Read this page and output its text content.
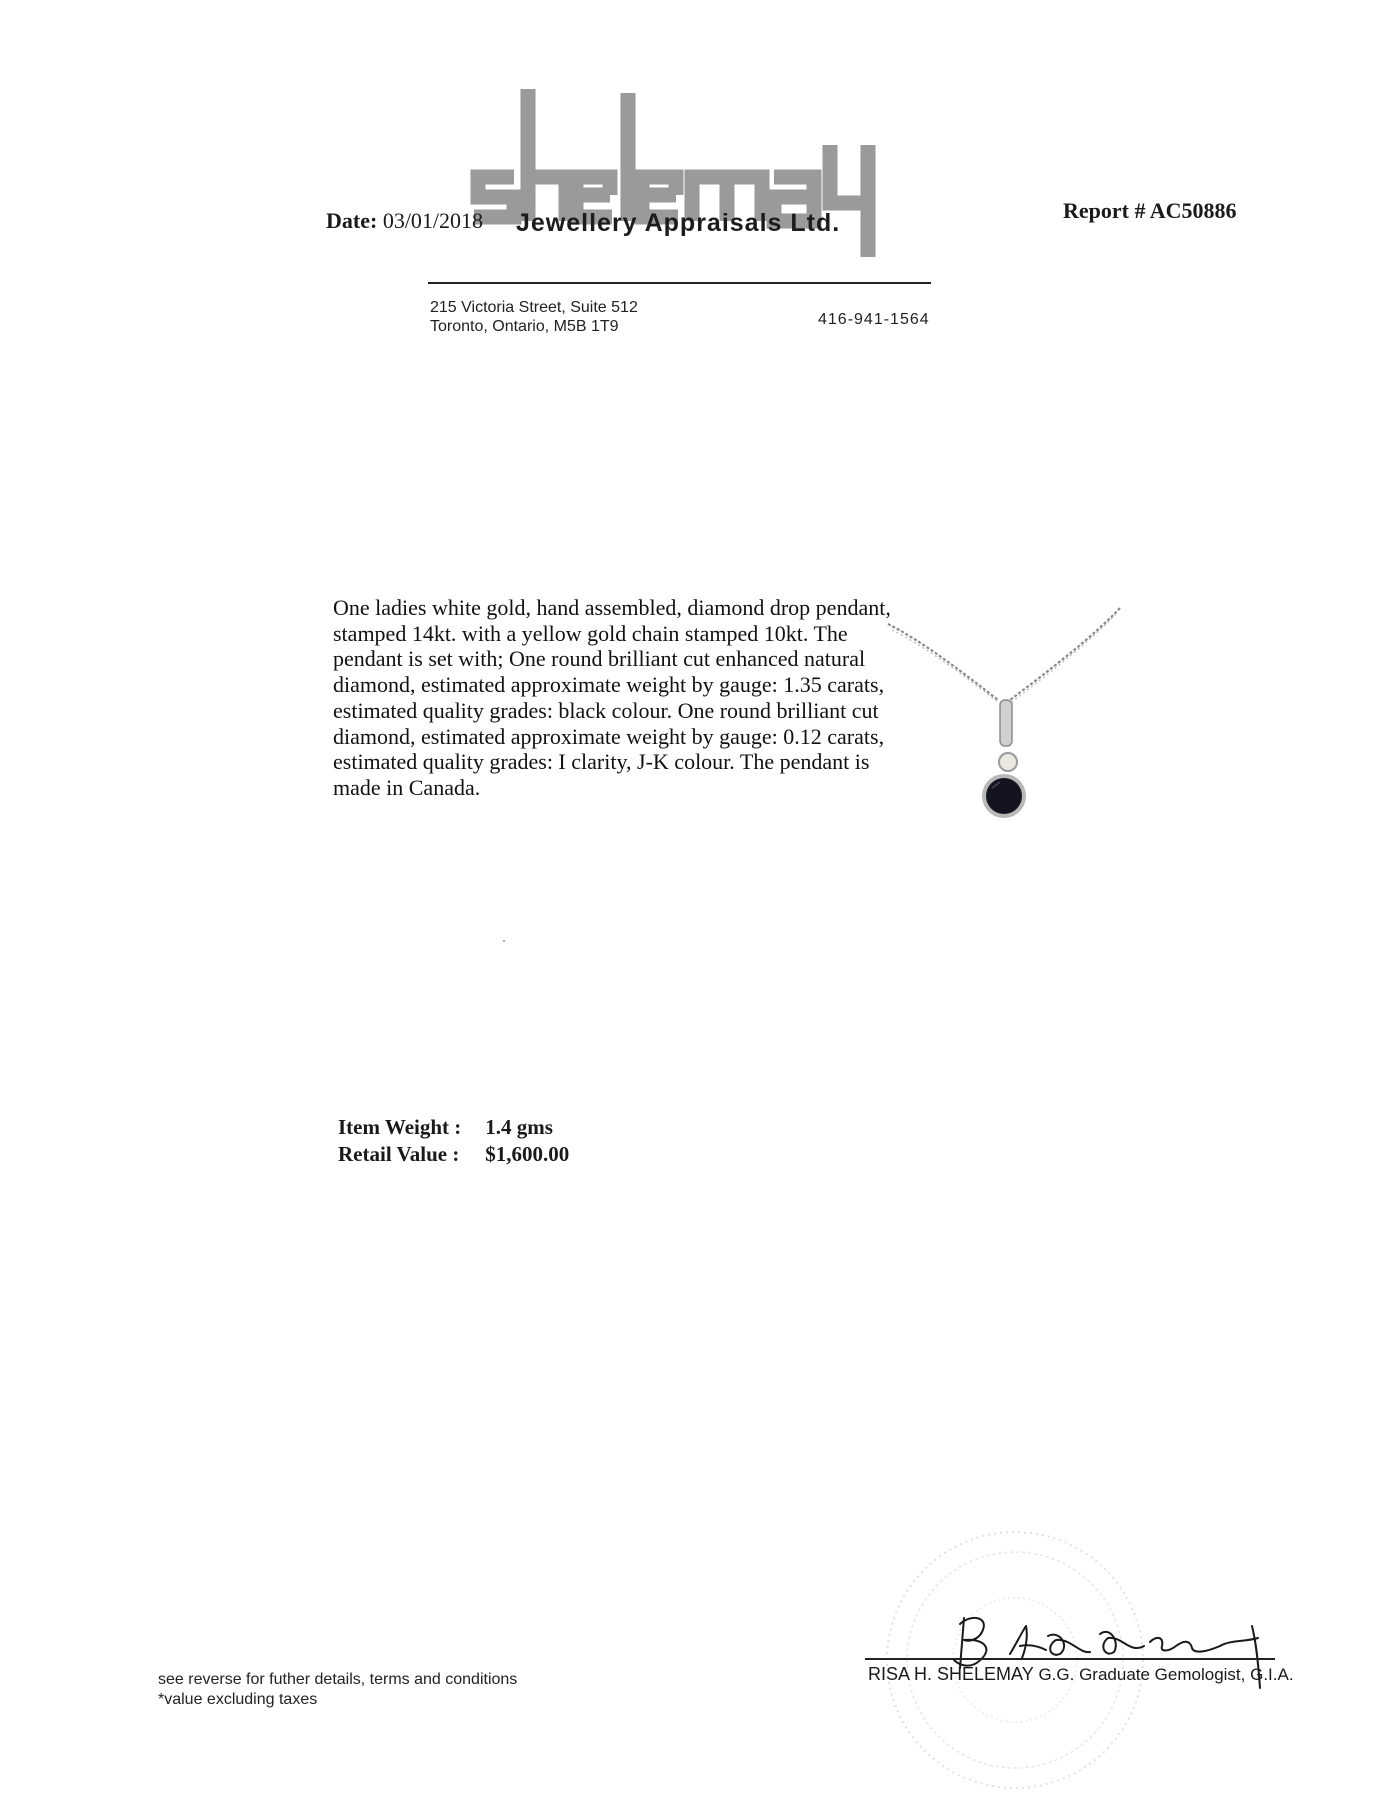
Jewellery Appraisals Ltd.
Date: 03/01/2018	Report # AC50886
215 Victoria Street, Suite 512
Toronto, Ontario, M5B 1T9	416-941-1564

One ladies white gold, hand assembled, diamond drop pendant, stamped 14kt. with a yellow gold chain stamped 10kt. The pendant is set with; One round brilliant cut enhanced natural diamond, estimated approximate weight by gauge: 1.35 carats, estimated quality grades: black colour. One round brilliant cut diamond, estimated approximate weight by gauge: 0.12 carats, estimated quality grades: I clarity, J-K colour. The pendant is made in Canada.

Item Weight : 1.4 gms
Retail Value : $1,600.00
RISA H. SHELEMAY G.G. Graduate Gemologist, G.I.A.
see reverse for futher details, terms and conditions
*value excluding taxes
